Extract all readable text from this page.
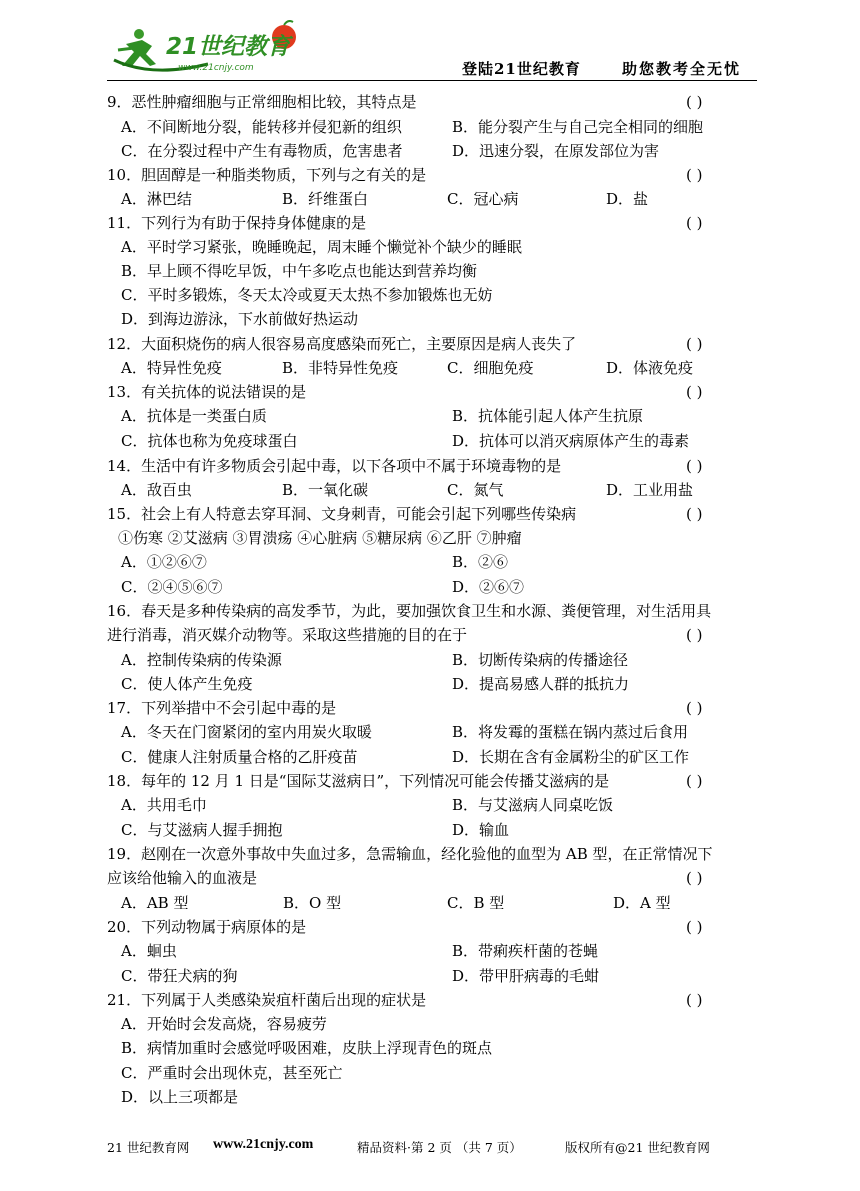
21世纪教育
www.21cnjy.com	登陆21世纪教育	助您教考全无忧
9．恶性肿瘤细胞与正常细胞相比较，其特点是	( )
A．不间断地分裂，能转移并侵犯新的组织	B．能分裂产生与自己完全相同的细胞
C．在分裂过程中产生有毒物质，危害患者	D．迅速分裂，在原发部位为害
10．胆固醇是一种脂类物质，下列与之有关的是	( )
A．淋巴结	B．纤维蛋白	C．冠心病	D．盐
11．下列行为有助于保持身体健康的是	( )
A．平时学习紧张，晚睡晚起，周末睡个懒觉补个缺少的睡眠
B．早上顾不得吃早饭，中午多吃点也能达到营养均衡
C．平时多锻炼，冬天太冷或夏天太热不参加锻炼也无妨
D．到海边游泳，下水前做好热运动
12．大面积烧伤的病人很容易高度感染而死亡，主要原因是病人丧失了	( )
A．特异性免疫	B．非特异性免疫	C．细胞免疫	D．体液免疫
13．有关抗体的说法错误的是	( )
A．抗体是一类蛋白质	B．抗体能引起人体产生抗原
C．抗体也称为免疫球蛋白	D．抗体可以消灭病原体产生的毒素
14．生活中有许多物质会引起中毒，以下各项中不属于环境毒物的是	( )
A．敌百虫	B．一氧化碳	C．氮气	D．工业用盐
15．社会上有人特意去穿耳洞、文身刺青，可能会引起下列哪些传染病
①伤寒 ②艾滋病 ③胃溃疡 ④心脏病 ⑤糖尿病 ⑥乙肝 ⑦肿瘤
( )
A．①②⑥⑦	B．②⑥
C．②④⑤⑥⑦	D．②⑥⑦
16．春天是多种传染病的高发季节，为此，要加强饮食卫生和水源、粪便管理，对生活用具
进行消毒，消灭媒介动物等。采取这些措施的目的在于	( )
A．控制传染病的传染源	B．切断传染病的传播途径
C．使人体产生免疫	D．提高易感人群的抵抗力
17．下列举措中不会引起中毒的是	( )
A．冬天在门窗紧闭的室内用炭火取暖	B．将发霉的蛋糕在锅内蒸过后食用
C．健康人注射质量合格的乙肝疫苗	D．长期在含有金属粉尘的矿区工作
18．每年的 12 月 1 日是“国际艾滋病日”，下列情况可能会传播艾滋病的是	( )
A．共用毛巾	B．与艾滋病人同桌吃饭
C．与艾滋病人握手拥抱	D．输血
19．赵刚在一次意外事故中失血过多，急需输血，经化验他的血型为 AB 型，在正常情况下
应该给他输入的血液是	( )
A．AB 型	B．O 型	C．B 型	D．A 型
20．下列动物属于病原体的是	( )
A．蛔虫	B．带痢疾杆菌的苍蝇
C．带狂犬病的狗	D．带甲肝病毒的毛蚶
21．下列属于人类感染炭疽杆菌后出现的症状是	( )
A．开始时会发高烧，容易疲劳
B．病情加重时会感觉呼吸困难，皮肤上浮现青色的斑点
C．严重时会出现休克，甚至死亡
D．以上三项都是
21 世纪教育网 www.21cnjy.com	精品资料·第 2 页 （共 7 页）	版权所有@21 世纪教育网
